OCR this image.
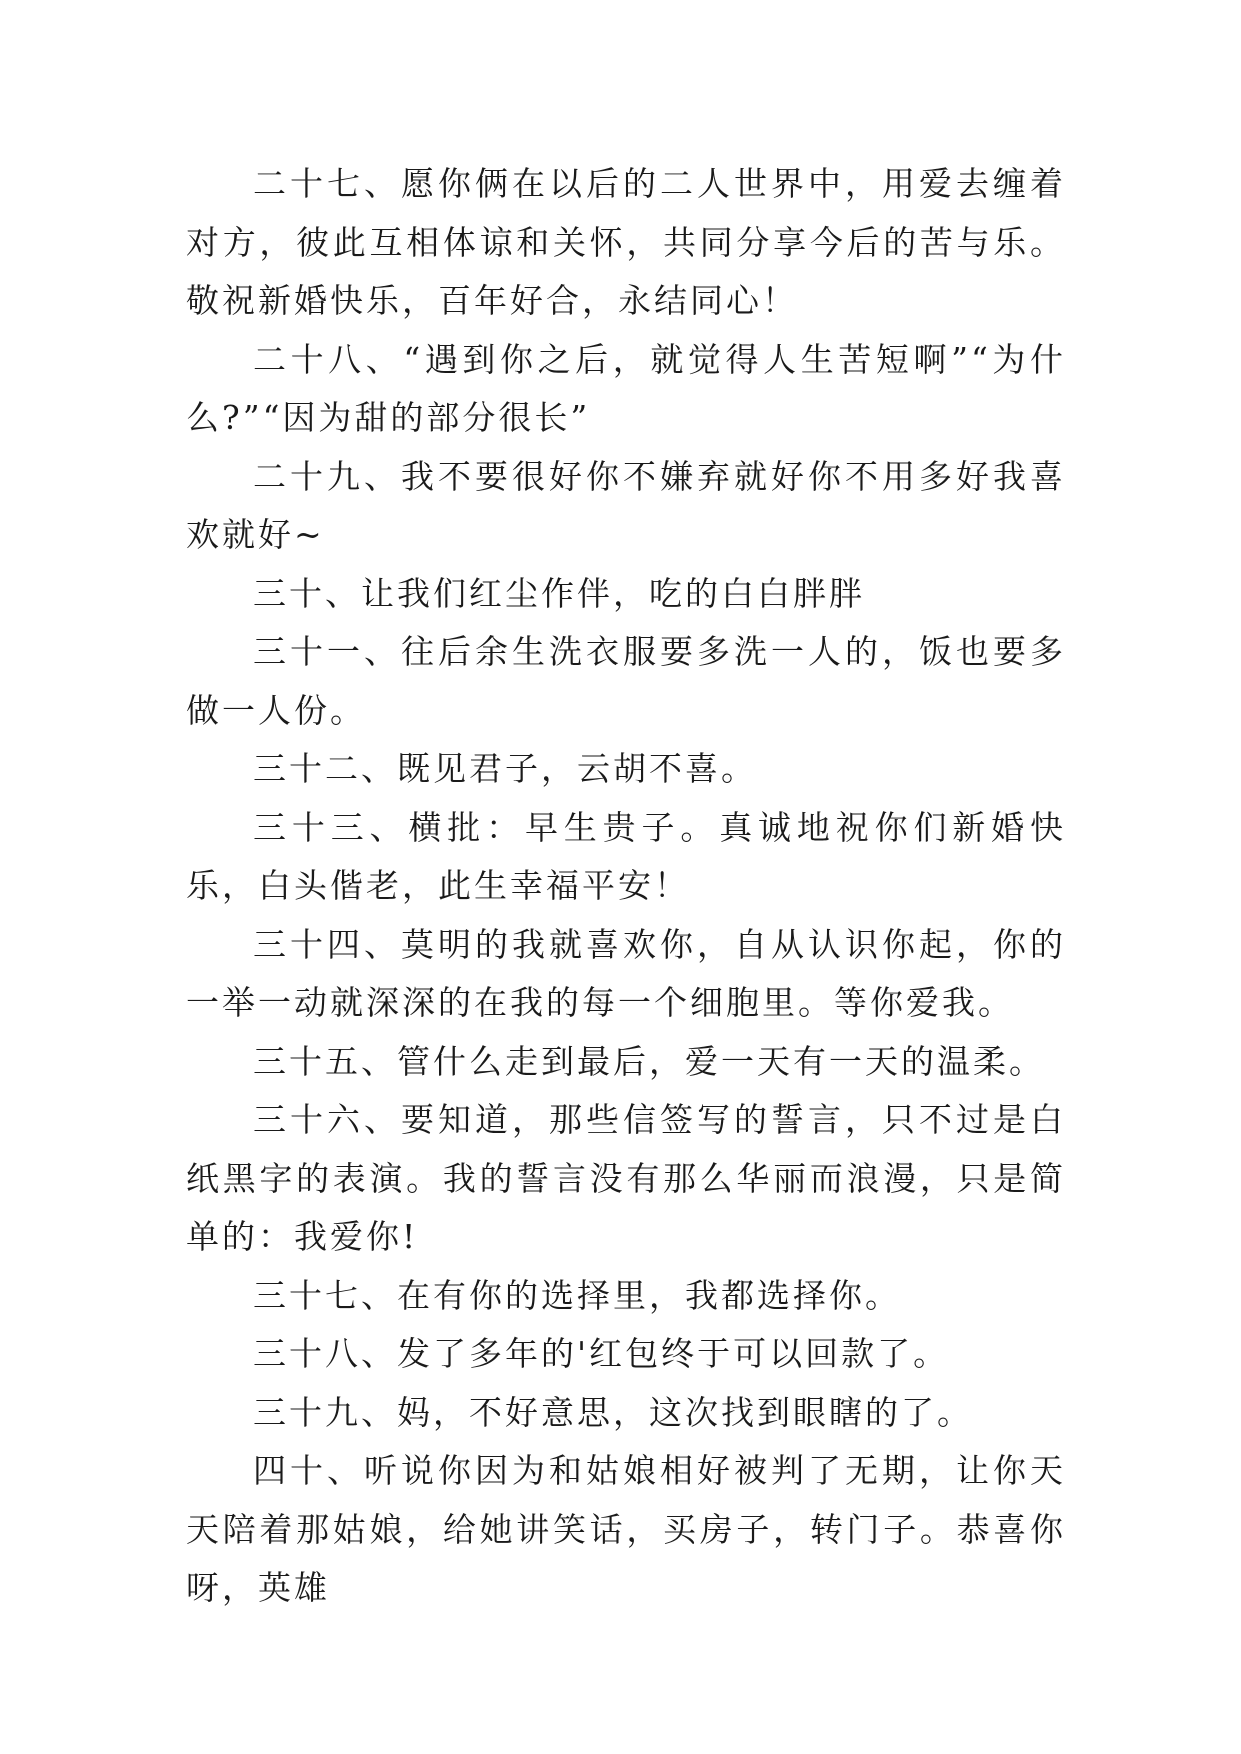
二十七、愿你俩在以后的二人世界中，用爱去缠着对方，彼此互相体谅和关怀，共同分享今后的苦与乐。敬祝新婚快乐，百年好合，永结同心！

二十八、“遇到你之后，就觉得人生苦短啊”“为什么?”“因为甜的部分很长”

二十九、我不要很好你不嫌弃就好你不用多好我喜欢就好~

三十、让我们红尘作伴，吃的白白胖胖

三十一、往后余生洗衣服要多洗一人的，饭也要多做一人份。

三十二、既见君子，云胡不喜。

三十三、横批：早生贵子。真诚地祝你们新婚快乐，白头偕老，此生幸福平安！

三十四、莫明的我就喜欢你，自从认识你起，你的一举一动就深深的在我的每一个细胞里。等你爱我。

三十五、管什么走到最后，爱一天有一天的温柔。

三十六、要知道，那些信签写的誓言，只不过是白纸黑字的表演。我的誓言没有那么华丽而浪漫，只是简单的：我爱你!

三十七、在有你的选择里，我都选择你。

三十八、发了多年的'红包终于可以回款了。

三十九、妈，不好意思，这次找到眼瞎的了。

四十、听说你因为和姑娘相好被判了无期，让你天天陪着那姑娘，给她讲笑话，买房子，转门子。恭喜你呀，英雄
